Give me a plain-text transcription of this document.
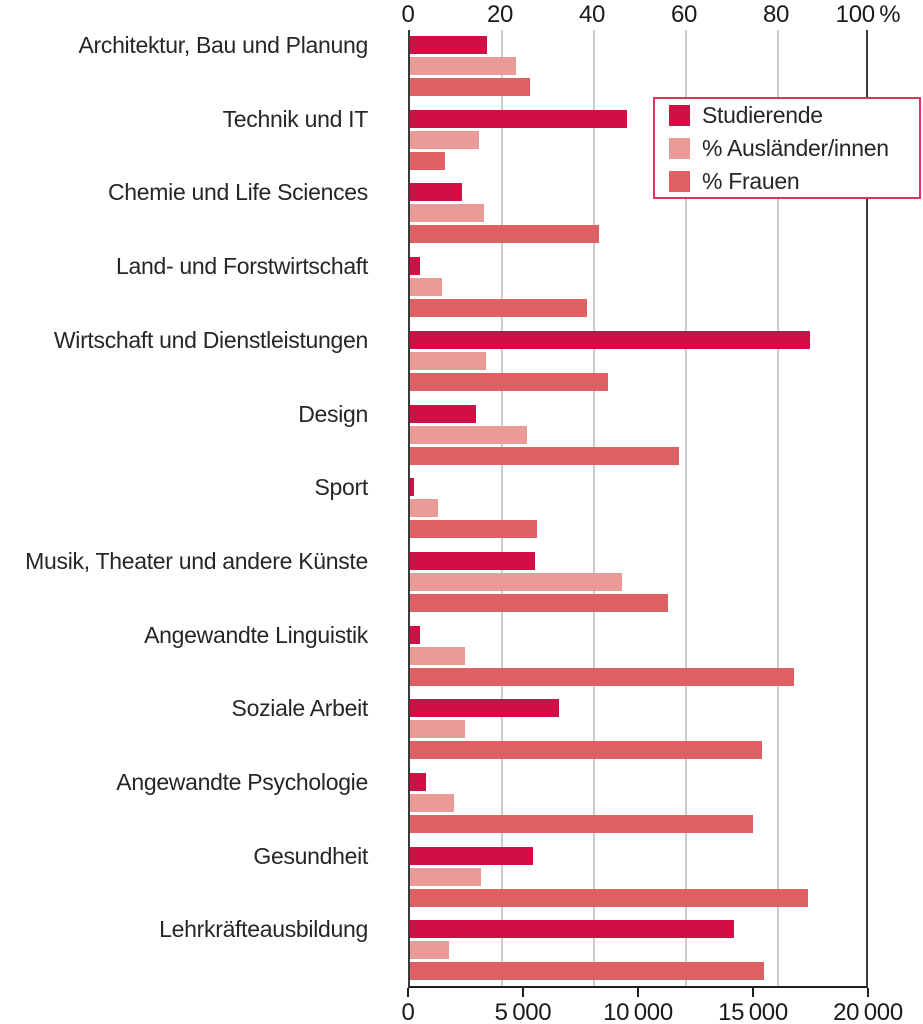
0	20	40	60	80 100 %
Architektur, Bau und Planung
Technik und IT
Chemie und Life Sciences
Land- und Forstwirtschaft
Wirtschaft und Dienstleistungen
Design
Sport
Musik, Theater und andere Künste
Angewandte Linguistik
Soziale Arbeit
Angewandte Psychologie
Gesundheit
Lehrkräfteausbildung
0	5 000 10 000 15 000 20 000
Studierende
% Ausländer/innen
% Frauen
